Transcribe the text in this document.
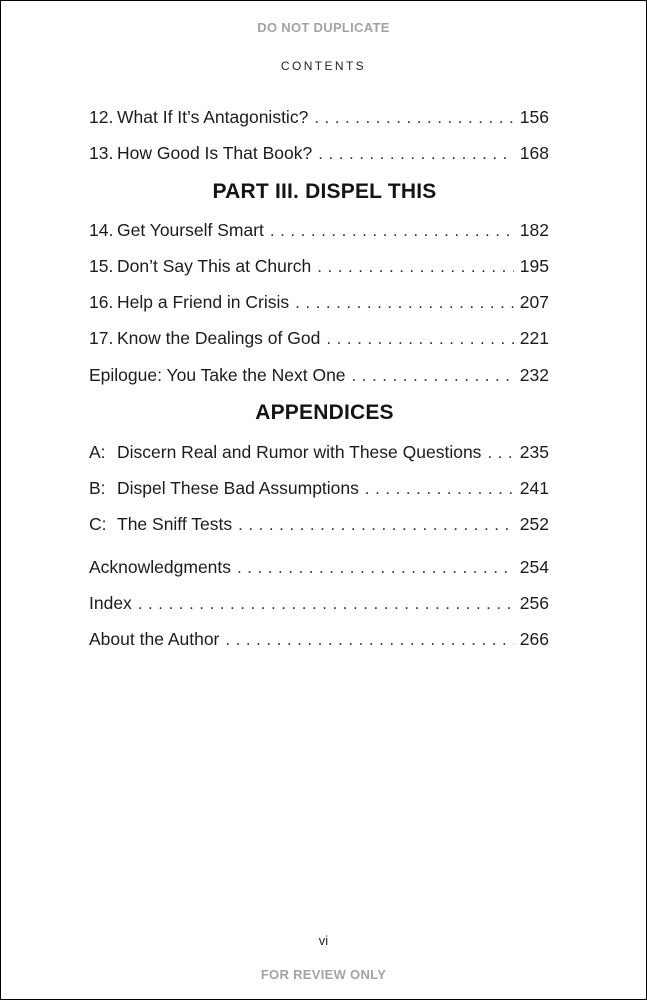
DO NOT DUPLICATE
CONTENTS
12. What If It’s Antagonistic? . . .	156
13. How Good Is That Book? . . .	168
PART III. DISPEL THIS
14. Get Yourself Smart . . .	182
15. Don’t Say This at Church . . .	195
16. Help a Friend in Crisis . . .	207
17. Know the Dealings of God . . .	221
Epilogue: You Take the Next One . . .	232
APPENDICES
A: Discern Real and Rumor with These Questions . . .	235
B: Dispel These Bad Assumptions . . .	241
C: The Sniff Tests . . .	252
Acknowledgments . . .	254
Index . . .	256
About the Author . . .	266
vi
FOR REVIEW ONLY
